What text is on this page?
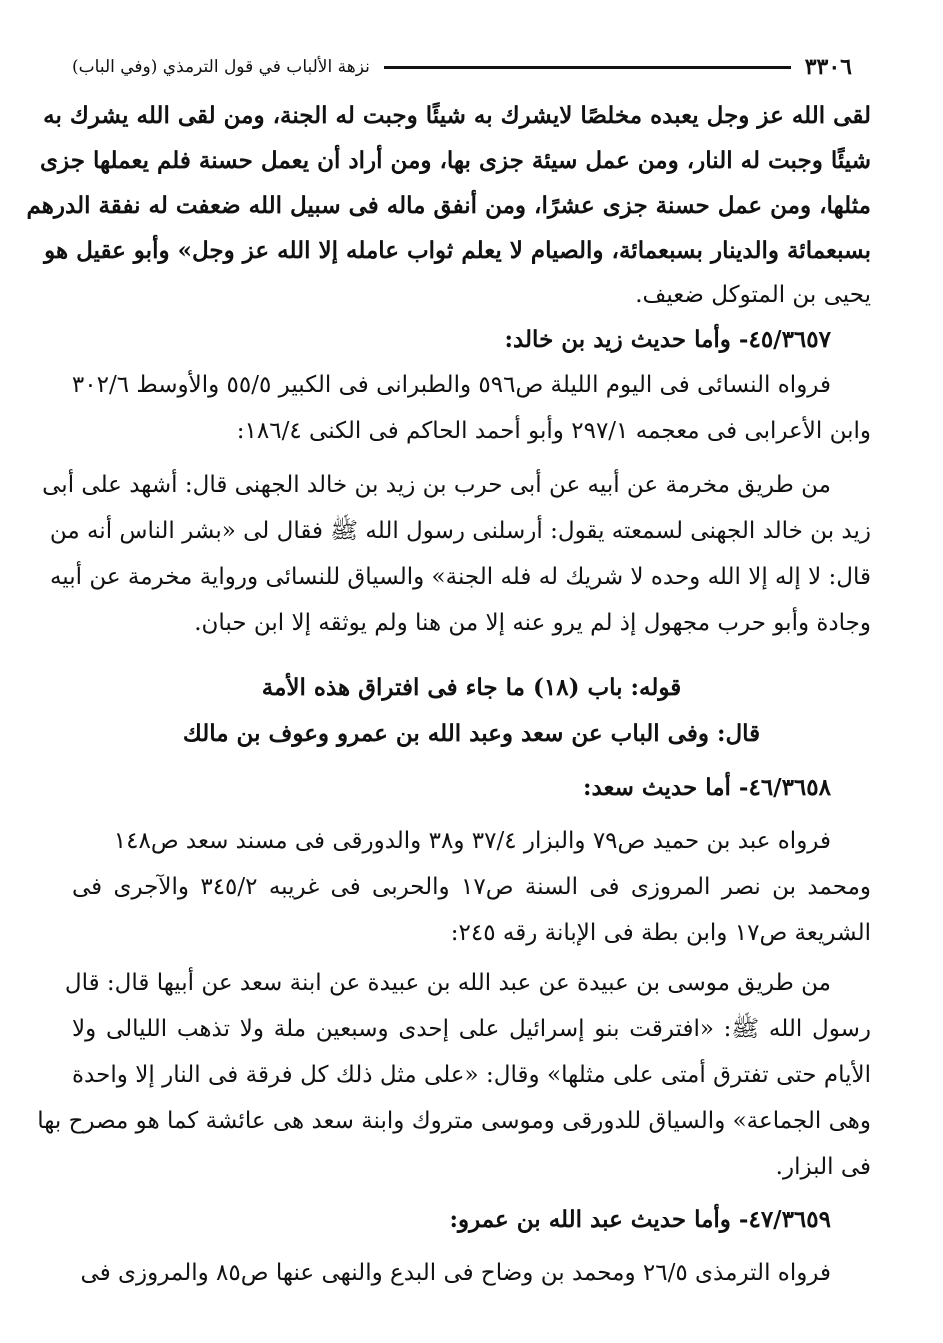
٣٣٠٦
نزهة الألباب في قول الترمذي (وفي الباب)
لقى الله عز وجل يعبده مخلصًا لايشرك به شيئًا وجبت له الجنة، ومن لقى الله يشرك به
شيئًا وجبت له النار، ومن عمل سيئة جزى بها، ومن أراد أن يعمل حسنة فلم يعملها جزى
مثلها، ومن عمل حسنة جزى عشرًا، ومن أنفق ماله فى سبيل الله ضعفت له نفقة الدرهم
بسبعمائة والدينار بسبعمائة، والصيام لا يعلم ثواب عامله إلا الله عز وجل» وأبو عقيل هو
يحيى بن المتوكل ضعيف.
٤٥/٣٦٥٧- وأما حديث زيد بن خالد:
فرواه النسائى فى اليوم الليلة ص٥٩٦ والطبرانى فى الكبير ٥٥/٥ والأوسط ٣٠٢/٦
وابن الأعرابى فى معجمه ٢٩٧/١ وأبو أحمد الحاكم فى الكنى ١٨٦/٤:
من طريق مخرمة عن أبيه عن أبى حرب بن زيد بن خالد الجهنى قال: أشهد على أبى
زيد بن خالد الجهنى لسمعته يقول: أرسلنى رسول الله ﷺ فقال لى «بشر الناس أنه من
قال: لا إله إلا الله وحده لا شريك له فله الجنة» والسياق للنسائى ورواية مخرمة عن أبيه
وجادة وأبو حرب مجهول إذ لم يرو عنه إلا من هنا ولم يوثقه إلا ابن حبان.
قوله: باب (١٨) ما جاء فى افتراق هذه الأمة
قال: وفى الباب عن سعد وعبد الله بن عمرو وعوف بن مالك
٤٦/٣٦٥٨- أما حديث سعد:
فرواه عبد بن حميد ص٧٩ والبزار ٣٧/٤ و٣٨ والدورقى فى مسند سعد ص١٤٨
ومحمد بن نصر المروزى فى السنة ص١٧ والحربى فى غريبه ٣٤٥/٢ والآجرى فى
الشريعة ص١٧ وابن بطة فى الإبانة رقه ٢٤٥:
من طريق موسى بن عبيدة عن عبد الله بن عبيدة عن ابنة سعد عن أبيها قال: قال
رسول الله ﷺ: «افترقت بنو إسرائيل على إحدى وسبعين ملة ولا تذهب الليالى ولا
الأيام حتى تفترق أمتى على مثلها» وقال: «على مثل ذلك كل فرقة فى النار إلا واحدة
وهى الجماعة» والسياق للدورقى وموسى متروك وابنة سعد هى عائشة كما هو مصرح بها
فى البزار.
٤٧/٣٦٥٩- وأما حديث عبد الله بن عمرو:
فرواه الترمذى ٢٦/٥ ومحمد بن وضاح فى البدع والنهى عنها ص٨٥ والمروزى فى
